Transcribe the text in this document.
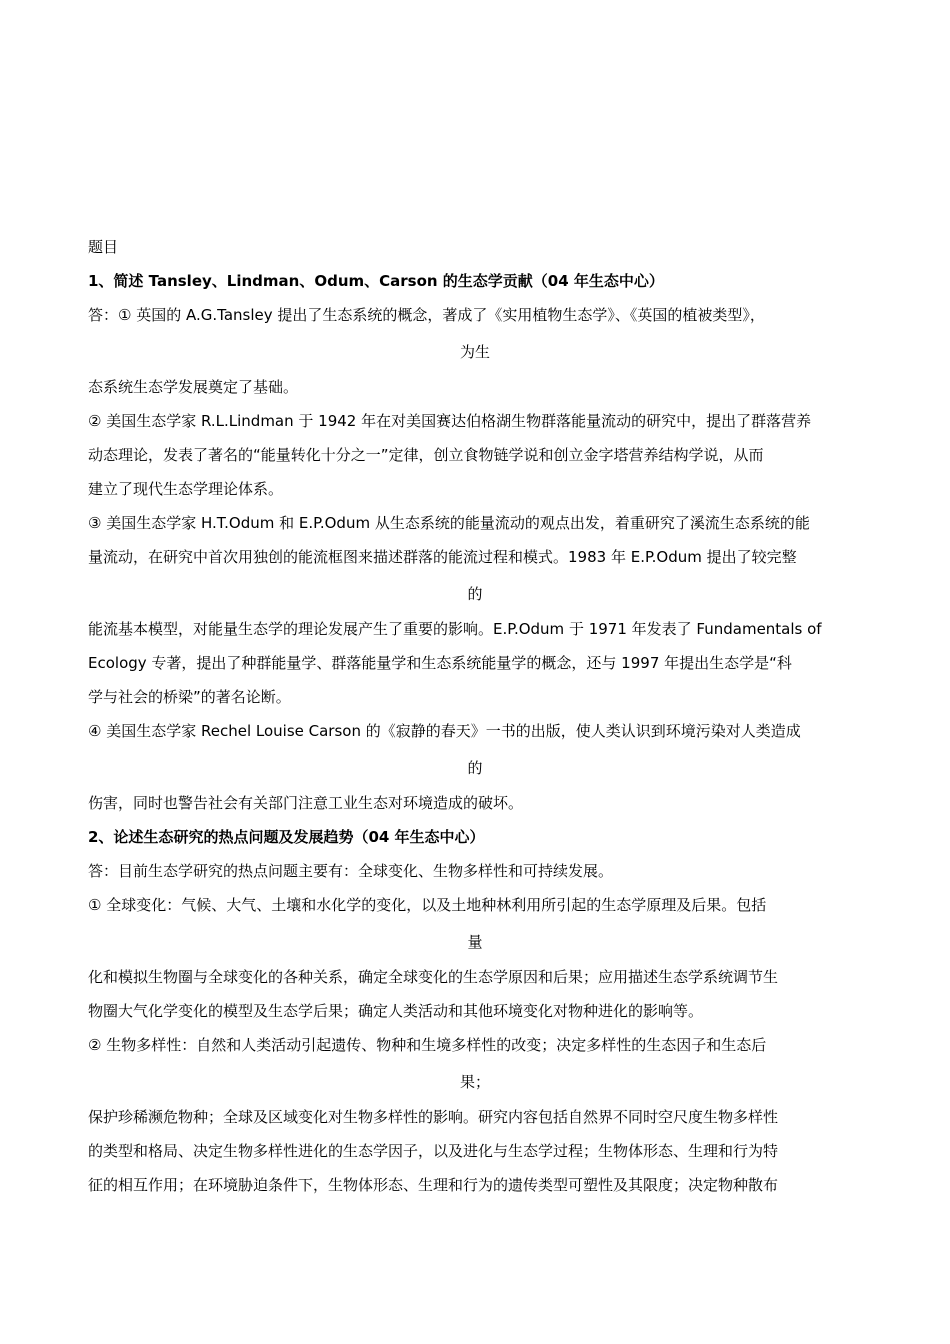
题目
1、简述 Tansley、Lindman、Odum、Carson 的生态学贡献（04 年生态中心）
答：① 英国的 A.G.Tansley 提出了生态系统的概念，著成了《实用植物生态学》、《英国的植被类型》，
为生
态系统生态学发展奠定了基础。
② 美国生态学家 R.L.Lindman 于 1942 年在对美国赛达伯格湖生物群落能量流动的研究中，提出了群落营养
动态理论，发表了著名的“能量转化十分之一”定律，创立食物链学说和创立金字塔营养结构学说，从而
建立了现代生态学理论体系。
③ 美国生态学家 H.T.Odum 和 E.P.Odum 从生态系统的能量流动的观点出发，着重研究了溪流生态系统的能
量流动，在研究中首次用独创的能流框图来描述群落的能流过程和模式。1983 年 E.P.Odum 提出了较完整
的
能流基本模型，对能量生态学的理论发展产生了重要的影响。E.P.Odum 于 1971 年发表了 Fundamentals of
Ecology 专著，提出了种群能量学、群落能量学和生态系统能量学的概念，还与 1997 年提出生态学是“科
学与社会的桥梁”的著名论断。
④ 美国生态学家 Rechel Louise Carson 的《寂静的春天》一书的出版，使人类认识到环境污染对人类造成
的
伤害，同时也警告社会有关部门注意工业生态对环境造成的破坏。
2、论述生态研究的热点问题及发展趋势（04 年生态中心）
答：目前生态学研究的热点问题主要有：全球变化、生物多样性和可持续发展。
① 全球变化：气候、大气、土壤和水化学的变化，以及土地种林利用所引起的生态学原理及后果。包括
量
化和模拟生物圈与全球变化的各种关系，确定全球变化的生态学原因和后果；应用描述生态学系统调节生
物圈大气化学变化的模型及生态学后果；确定人类活动和其他环境变化对物种进化的影响等。
② 生物多样性：自然和人类活动引起遗传、物种和生境多样性的改变；决定多样性的生态因子和生态后
果；
保护珍稀濒危物种；全球及区域变化对生物多样性的影响。研究内容包括自然界不同时空尺度生物多样性
的类型和格局、决定生物多样性进化的生态学因子，以及进化与生态学过程；生物体形态、生理和行为特
征的相互作用；在环境胁迫条件下，生物体形态、生理和行为的遗传类型可塑性及其限度；决定物种散布
